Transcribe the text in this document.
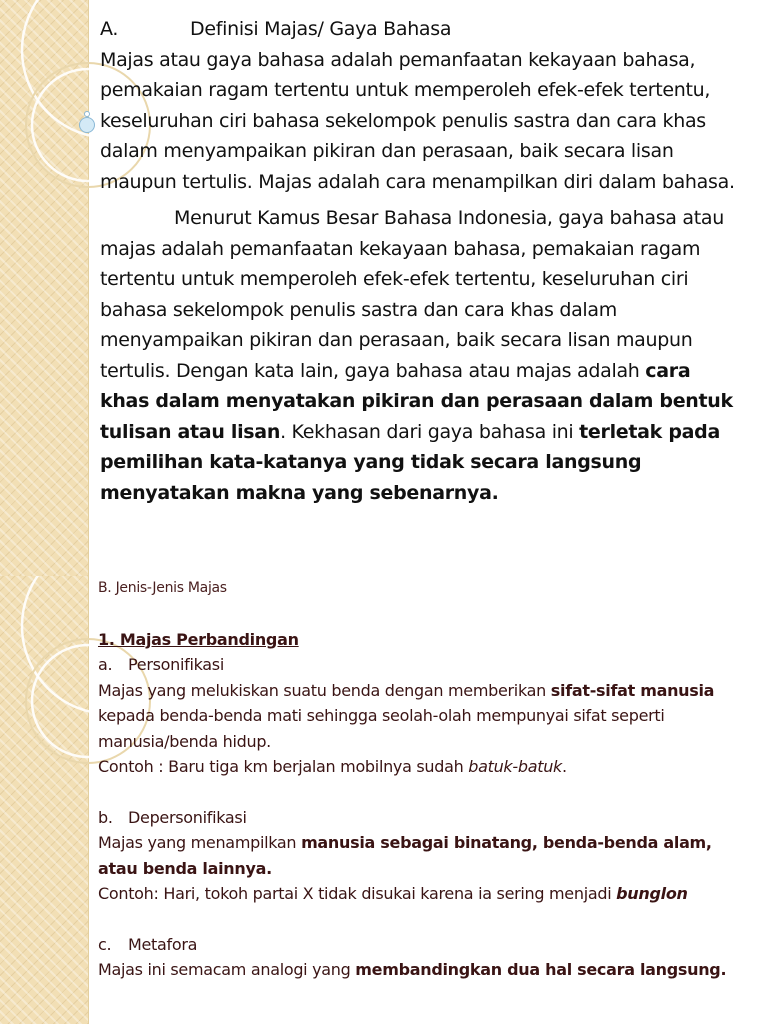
A.	Definisi Majas/ Gaya Bahasa

Majas atau gaya bahasa adalah pemanfaatan kekayaan bahasa, pemakaian ragam tertentu untuk memperoleh efek-efek tertentu, keseluruhan ciri bahasa sekelompok penulis sastra dan cara khas dalam menyampaikan pikiran dan perasaan, baik secara lisan maupun tertulis. Majas adalah cara menampilkan diri dalam bahasa.

Menurut Kamus Besar Bahasa Indonesia, gaya bahasa atau majas adalah pemanfaatan kekayaan bahasa, pemakaian ragam tertentu untuk memperoleh efek-efek tertentu, keseluruhan ciri bahasa sekelompok penulis sastra dan cara khas dalam menyampaikan pikiran dan perasaan, baik secara lisan maupun tertulis. Dengan kata lain, gaya bahasa atau majas adalah cara khas dalam menyatakan pikiran dan perasaan dalam bentuk tulisan atau lisan. Kekhasan dari gaya bahasa ini terletak pada pemilihan kata-katanya yang tidak secara langsung menyatakan makna yang sebenarnya.

B. Jenis-Jenis Majas

1. Majas Perbandingan

a. Personifikasi

Majas yang melukiskan suatu benda dengan memberikan sifat-sifat manusia kepada benda-benda mati sehingga seolah-olah mempunyai sifat seperti manusia/benda hidup.

Contoh : Baru tiga km berjalan mobilnya sudah batuk-batuk.

b. Depersonifikasi

Majas yang menampilkan manusia sebagai binatang, benda-benda alam, atau benda lainnya.

Contoh: Hari, tokoh partai X tidak disukai karena ia sering menjadi bunglon

c.	Metafora

Majas ini semacam analogi yang membandingkan dua hal secara langsung.
